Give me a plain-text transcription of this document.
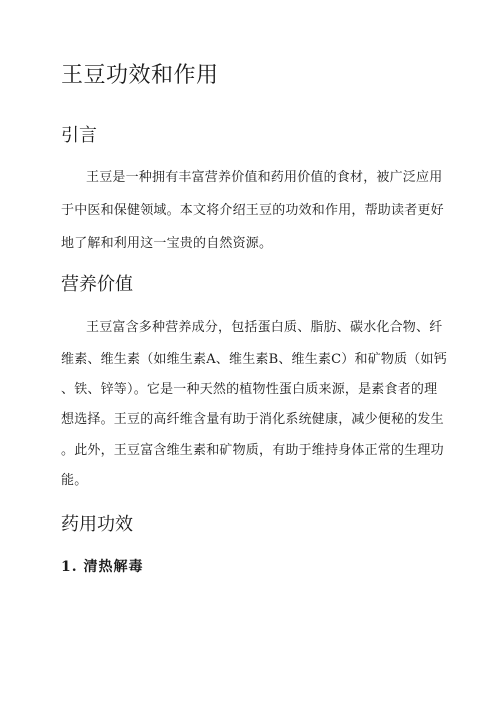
王豆功效和作用
引言

王豆是一种拥有丰富营养价值和药用价值的食材，被广泛应用

于中医和保健领域。本文将介绍王豆的功效和作用，帮助读者更好

地了解和利用这一宝贵的自然资源。

营养价值

王豆富含多种营养成分，包括蛋白质、脂肪、碳水化合物、纤

维素、维生素（如维生素A、维生素B、维生素C）和矿物质（如钙

、铁、锌等）。它是一种天然的植物性蛋白质来源，是素食者的理

想选择。王豆的高纤维含量有助于消化系统健康，减少便秘的发生

。此外，王豆富含维生素和矿物质，有助于维持身体正常的生理功

能。

药用功效

1. 清热解毒
